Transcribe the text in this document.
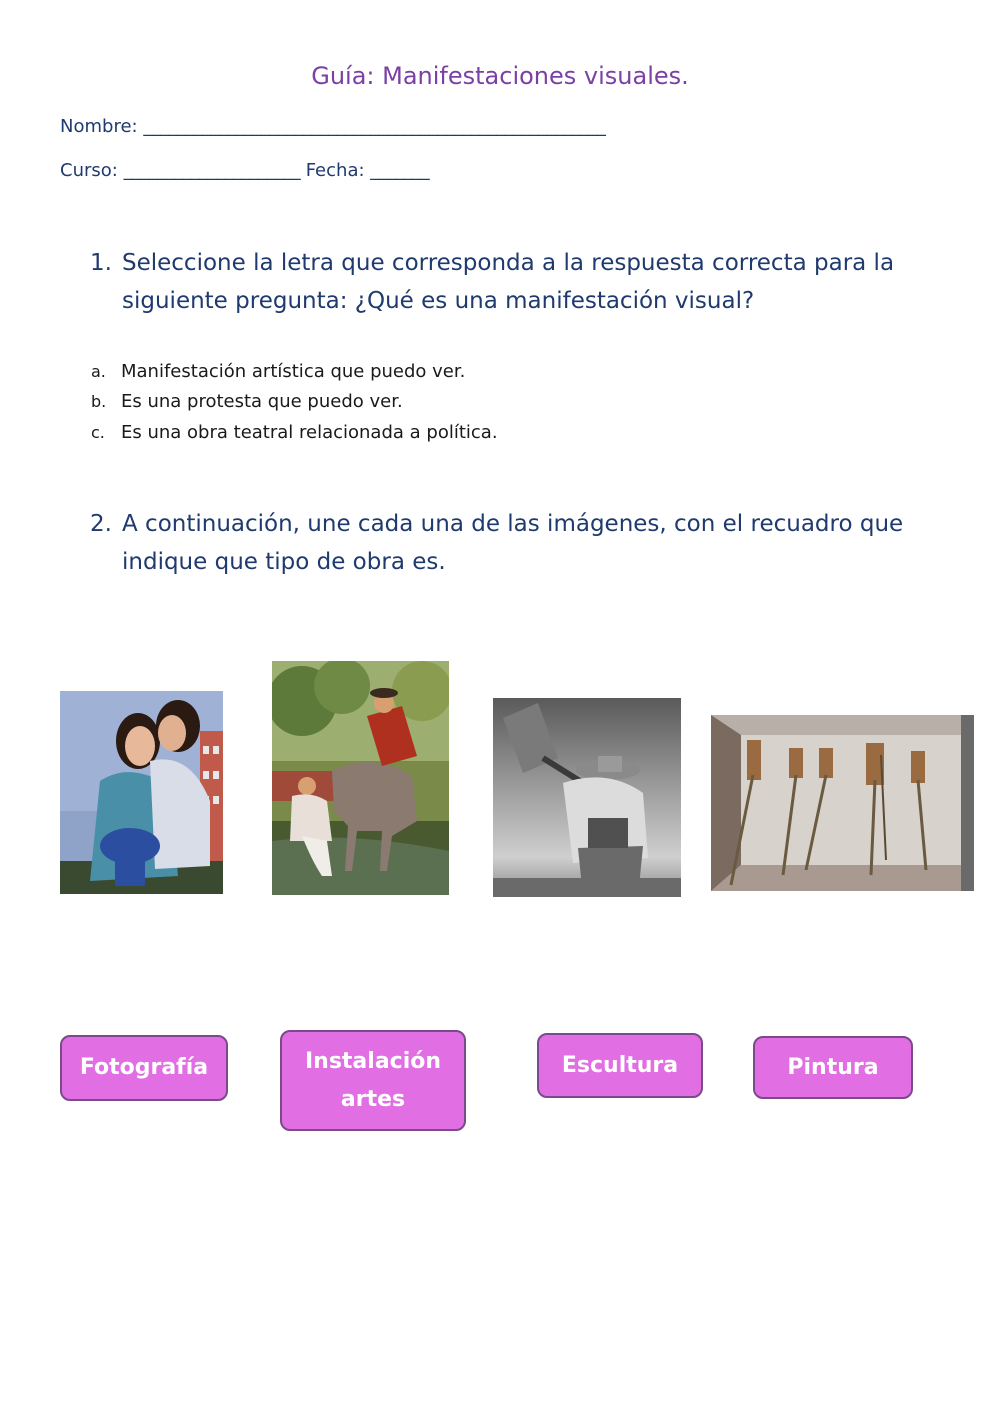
Guía: Manifestaciones visuales.
Nombre: _______________________________________________________
Curso: _____________________ Fecha: _______
1. Seleccione la letra que corresponda a la respuesta correcta para la
siguiente pregunta: ¿Qué es una manifestación visual?
a. Manifestación artística que puedo ver.
b. Es una protesta que puedo ver.
c. Es una obra teatral relacionada a política.
2. A continuación, une cada una de las imágenes, con el recuadro que
indique que tipo de obra es.
Fotografía	Instalación
artes
Escultura	Pintura
